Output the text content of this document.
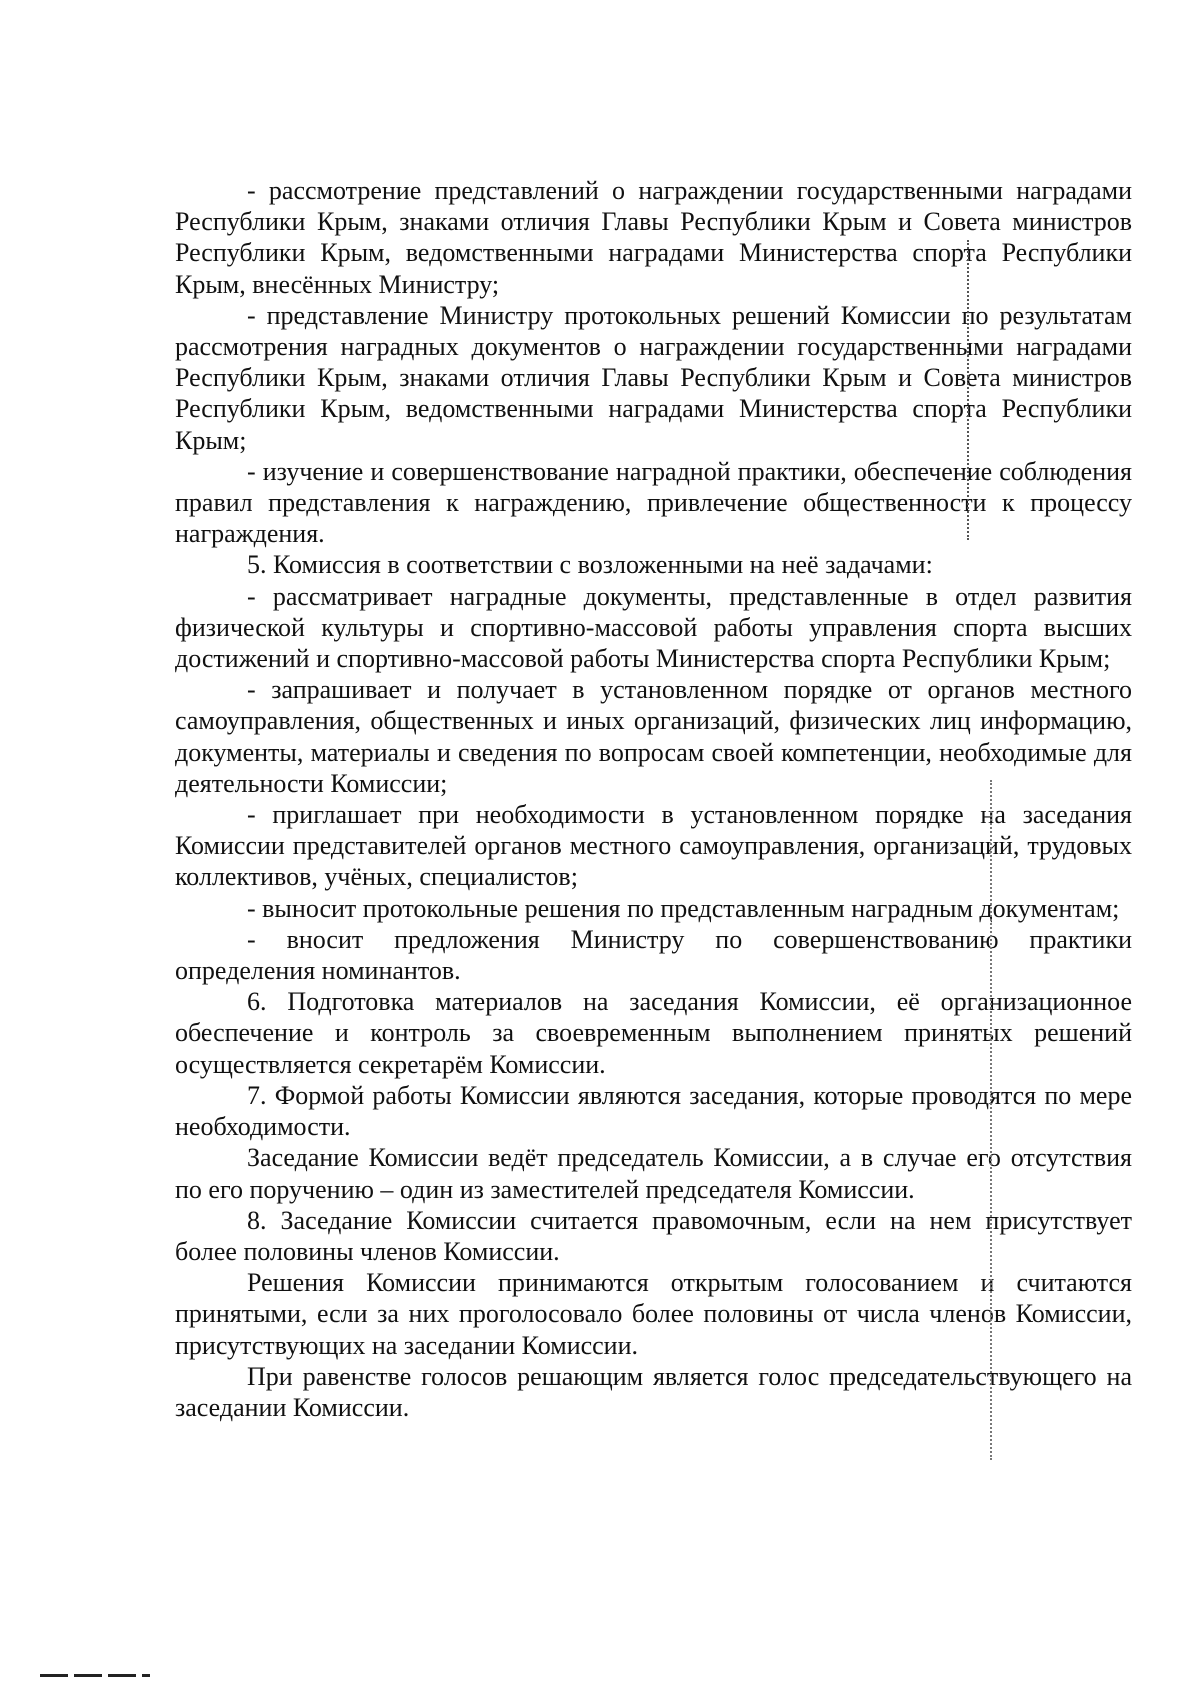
- рассмотрение представлений о награждении государственными наградами Республики Крым, знаками отличия Главы Республики Крым и Совета министров Республики Крым, ведомственными наградами Министерства спорта Республики Крым, внесённых Министру;

- представление Министру протокольных решений Комиссии по результатам рассмотрения наградных документов о награждении государственными наградами Республики Крым, знаками отличия Главы Республики Крым и Совета министров Республики Крым, ведомственными наградами Министерства спорта Республики Крым;

- изучение и совершенствование наградной практики, обеспечение соблюдения правил представления к награждению, привлечение общественности к процессу награждения.

5. Комиссия в соответствии с возложенными на неё задачами:

- рассматривает наградные документы, представленные в отдел развития физической культуры и спортивно-массовой работы управления спорта высших достижений и спортивно-массовой работы Министерства спорта Республики Крым;

- запрашивает и получает в установленном порядке от органов местного самоуправления, общественных и иных организаций, физических лиц информацию, документы, материалы и сведения по вопросам своей компетенции, необходимые для деятельности Комиссии;

- приглашает при необходимости в установленном порядке на заседания Комиссии представителей органов местного самоуправления, организаций, трудовых коллективов, учёных, специалистов;

- выносит протокольные решения по представленным наградным документам;

- вносит предложения Министру по совершенствованию практики определения номинантов.

6. Подготовка материалов на заседания Комиссии, её организационное обеспечение и контроль за своевременным выполнением принятых решений осуществляется секретарём Комиссии.

7. Формой работы Комиссии являются заседания, которые проводятся по мере необходимости.

Заседание Комиссии ведёт председатель Комиссии, а в случае его отсутствия по его поручению – один из заместителей председателя Комиссии.

8. Заседание Комиссии считается правомочным, если на нем присутствует более половины членов Комиссии.

Решения Комиссии принимаются открытым голосованием и считаются принятыми, если за них проголосовало более половины от числа членов Комиссии, присутствующих на заседании Комиссии.

При равенстве голосов решающим является голос председательствующего на заседании Комиссии.
